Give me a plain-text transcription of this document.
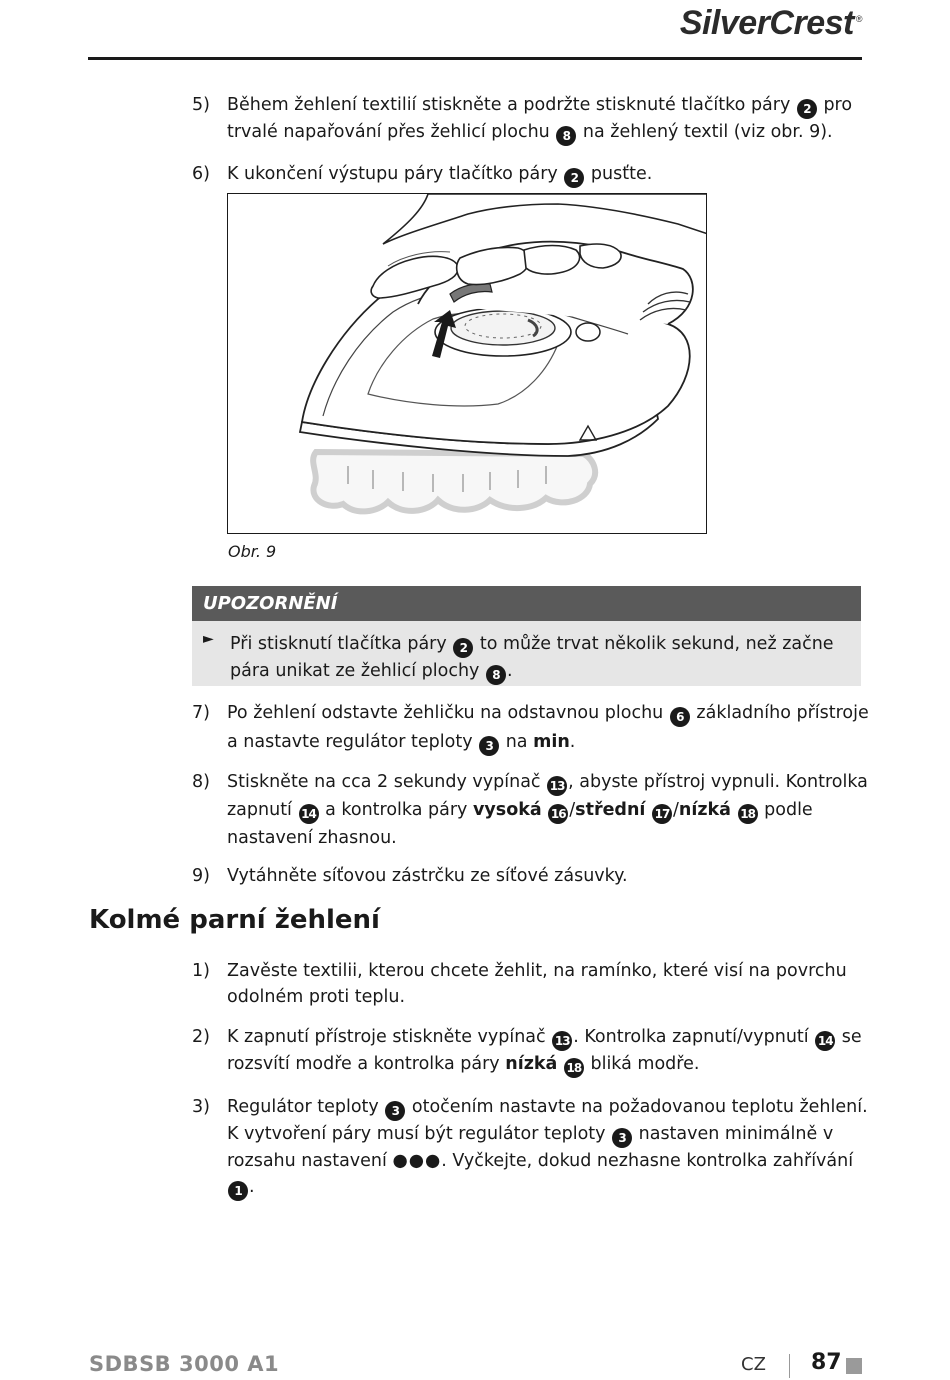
SilverCrest ®
5) Během žehlení textilií stiskněte a podržte stisknuté tlačítko páry 2 pro trvalé napařování přes žehlicí plochu 8 na žehlený textil (viz obr. 9).
6) K ukončení výstupu páry tlačítko páry 2 pusťte.
Obr. 9
UPOZORNĚNÍ
► Při stisknutí tlačítka páry 2 to může trvat několik sekund, než začne pára unikat ze žehlicí plochy 8 .
7) Po žehlení odstavte žehličku na odstavnou plochu 6 základního přístroje a nastavte regulátor teploty 3 na min.
8) Stiskněte na cca 2 sekundy vypínač 13 , abyste přístroj vypnuli. Kontrolka zapnutí 14 a kontrolka páry vysoká 16 /střední 17 /nízká 18 podle nastavení zhasnou.
9) Vytáhněte síťovou zástrčku ze síťové zásuvky.
Kolmé parní žehlení
1) Zavěste textilii, kterou chcete žehlit, na ramínko, které visí na povrchu odolném proti teplu.
2) K zapnutí přístroje stiskněte vypínač 13 . Kontrolka zapnutí/vypnutí 14 se rozsvítí modře a kontrolka páry nízká 18 bliká modře.
3) Regulátor teploty 3 otočením nastavte na požadovanou teplotu žehlení.
K vytvoření páry musí být regulátor teploty 3 nastaven minimálně v rozsahu nastavení ●●●. Vyčkejte, dokud nezhasne kontrolka zahřívání 1 .
SDBSB 3000 A1	CZ 87
